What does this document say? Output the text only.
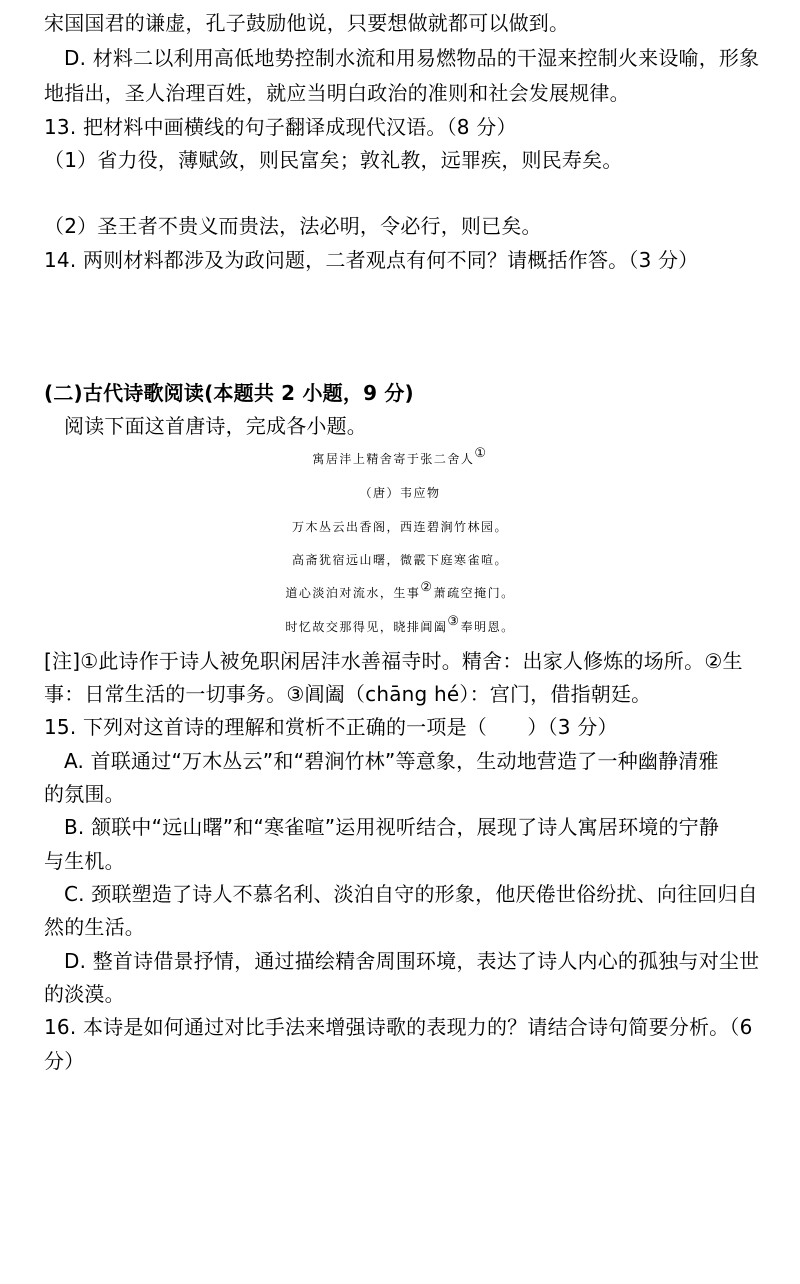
宋国国君的谦虚，孔子鼓励他说，只要想做就都可以做到。
D. 材料二以利用高低地势控制水流和用易燃物品的干湿来控制火来设喻，形象
地指出，圣人治理百姓，就应当明白政治的准则和社会发展规律。
13. 把材料中画横线的句子翻译成现代汉语。（8 分）
（1）省力役，薄赋敛，则民富矣；敦礼教，远罪疾，则民寿矣。
（2）圣王者不贵义而贵法，法必明，令必行，则已矣。
14. 两则材料都涉及为政问题，二者观点有何不同？请概括作答。（3 分）
(二)古代诗歌阅读(本题共 2 小题，9 分)
阅读下面这首唐诗，完成各小题。
寓居沣上精舍寄于张二舍人①
（唐）韦应物
万木丛云出香阁，西连碧涧竹林园。
高斋犹宿远山曙，微霰下庭寒雀喧。
道心淡泊对流水，生事②萧疏空掩门。
时忆故交那得见，晓排阊阖③奉明恩。
[注]①此诗作于诗人被免职闲居沣水善福寺时。精舍：出家人修炼的场所。②生
事：日常生活的一切事务。③阊阖（chāng hé）：宫门，借指朝廷。
15. 下列对这首诗的理解和赏析不正确的一项是（　　）（3 分）
A. 首联通过“万木丛云”和“碧涧竹林”等意象，生动地营造了一种幽静清雅
的氛围。
B. 颔联中“远山曙”和“寒雀喧”运用视听结合，展现了诗人寓居环境的宁静
与生机。
C. 颈联塑造了诗人不慕名利、淡泊自守的形象，他厌倦世俗纷扰、向往回归自
然的生活。
D. 整首诗借景抒情，通过描绘精舍周围环境，表达了诗人内心的孤独与对尘世
的淡漠。
16. 本诗是如何通过对比手法来增强诗歌的表现力的？请结合诗句简要分析。（6
分）
